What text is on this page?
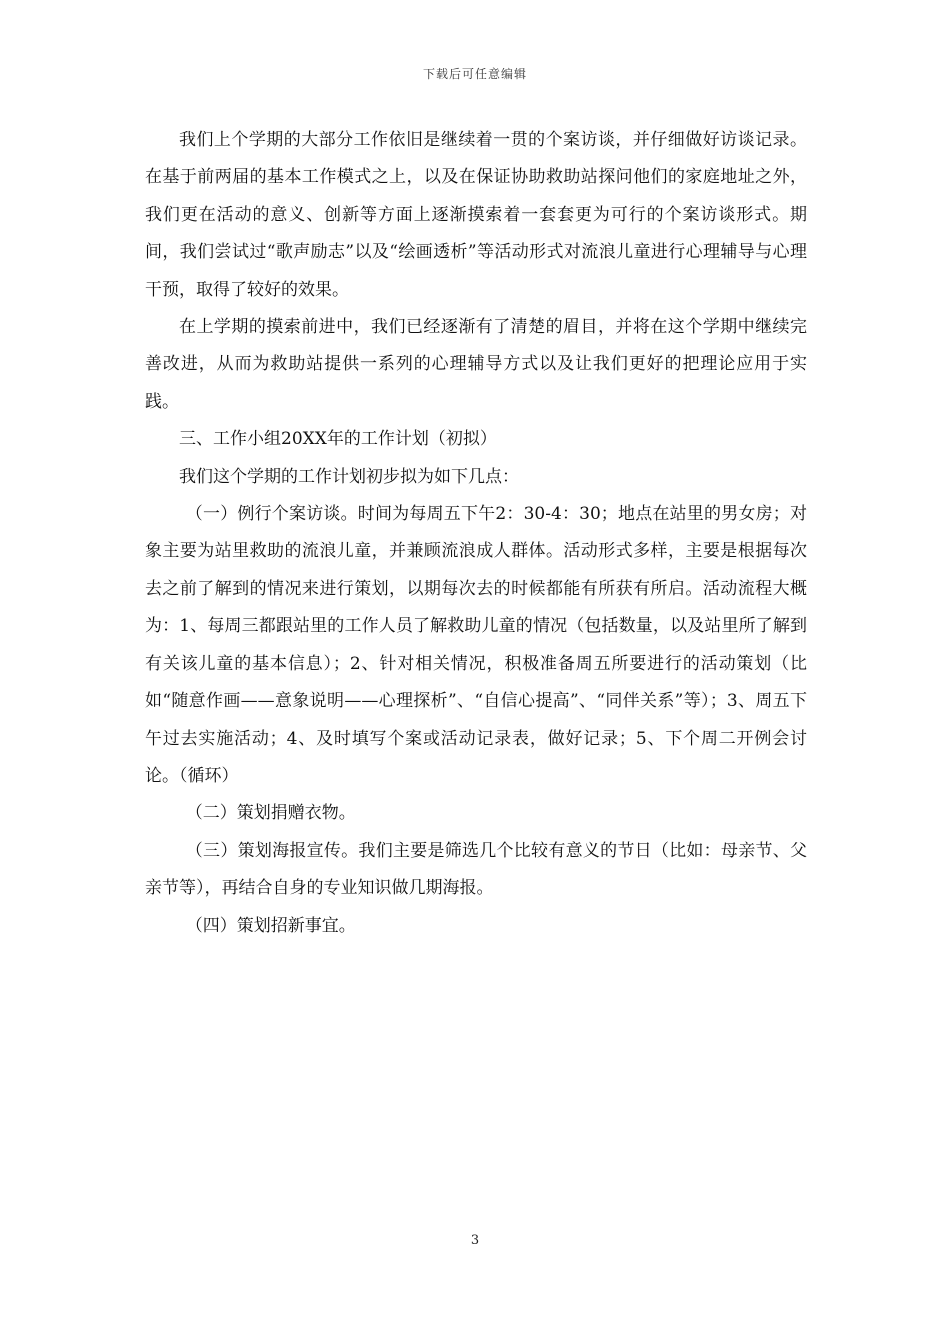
下载后可任意编辑

我们上个学期的大部分工作依旧是继续着一贯的个案访谈，并仔细做好访谈记录。在基于前两届的基本工作模式之上，以及在保证协助救助站探问他们的家庭地址之外，我们更在活动的意义、创新等方面上逐渐摸索着一套套更为可行的个案访谈形式。期间，我们尝试过“歌声励志”以及“绘画透析”等活动形式对流浪儿童进行心理辅导与心理干预，取得了较好的效果。

在上学期的摸索前进中，我们已经逐渐有了清楚的眉目，并将在这个学期中继续完善改进，从而为救助站提供一系列的心理辅导方式以及让我们更好的把理论应用于实践。

三、工作小组20XX年的工作计划（初拟）

我们这个学期的工作计划初步拟为如下几点：

（一）例行个案访谈。时间为每周五下午2：30-4：30；地点在站里的男女房；对象主要为站里救助的流浪儿童，并兼顾流浪成人群体。活动形式多样，主要是根据每次去之前了解到的情况来进行策划，以期每次去的时候都能有所获有所启。活动流程大概为：1、每周三都跟站里的工作人员了解救助儿童的情况（包括数量，以及站里所了解到有关该儿童的基本信息）；2、针对相关情况，积极准备周五所要进行的活动策划（比如“随意作画——意象说明——心理探析”、“自信心提高”、“同伴关系”等）；3、周五下午过去实施活动；4、及时填写个案或活动记录表，做好记录；5、下个周二开例会讨论。（循环）

（二）策划捐赠衣物。

（三）策划海报宣传。我们主要是筛选几个比较有意义的节日（比如：母亲节、父亲节等），再结合自身的专业知识做几期海报。

（四）策划招新事宜。

3
